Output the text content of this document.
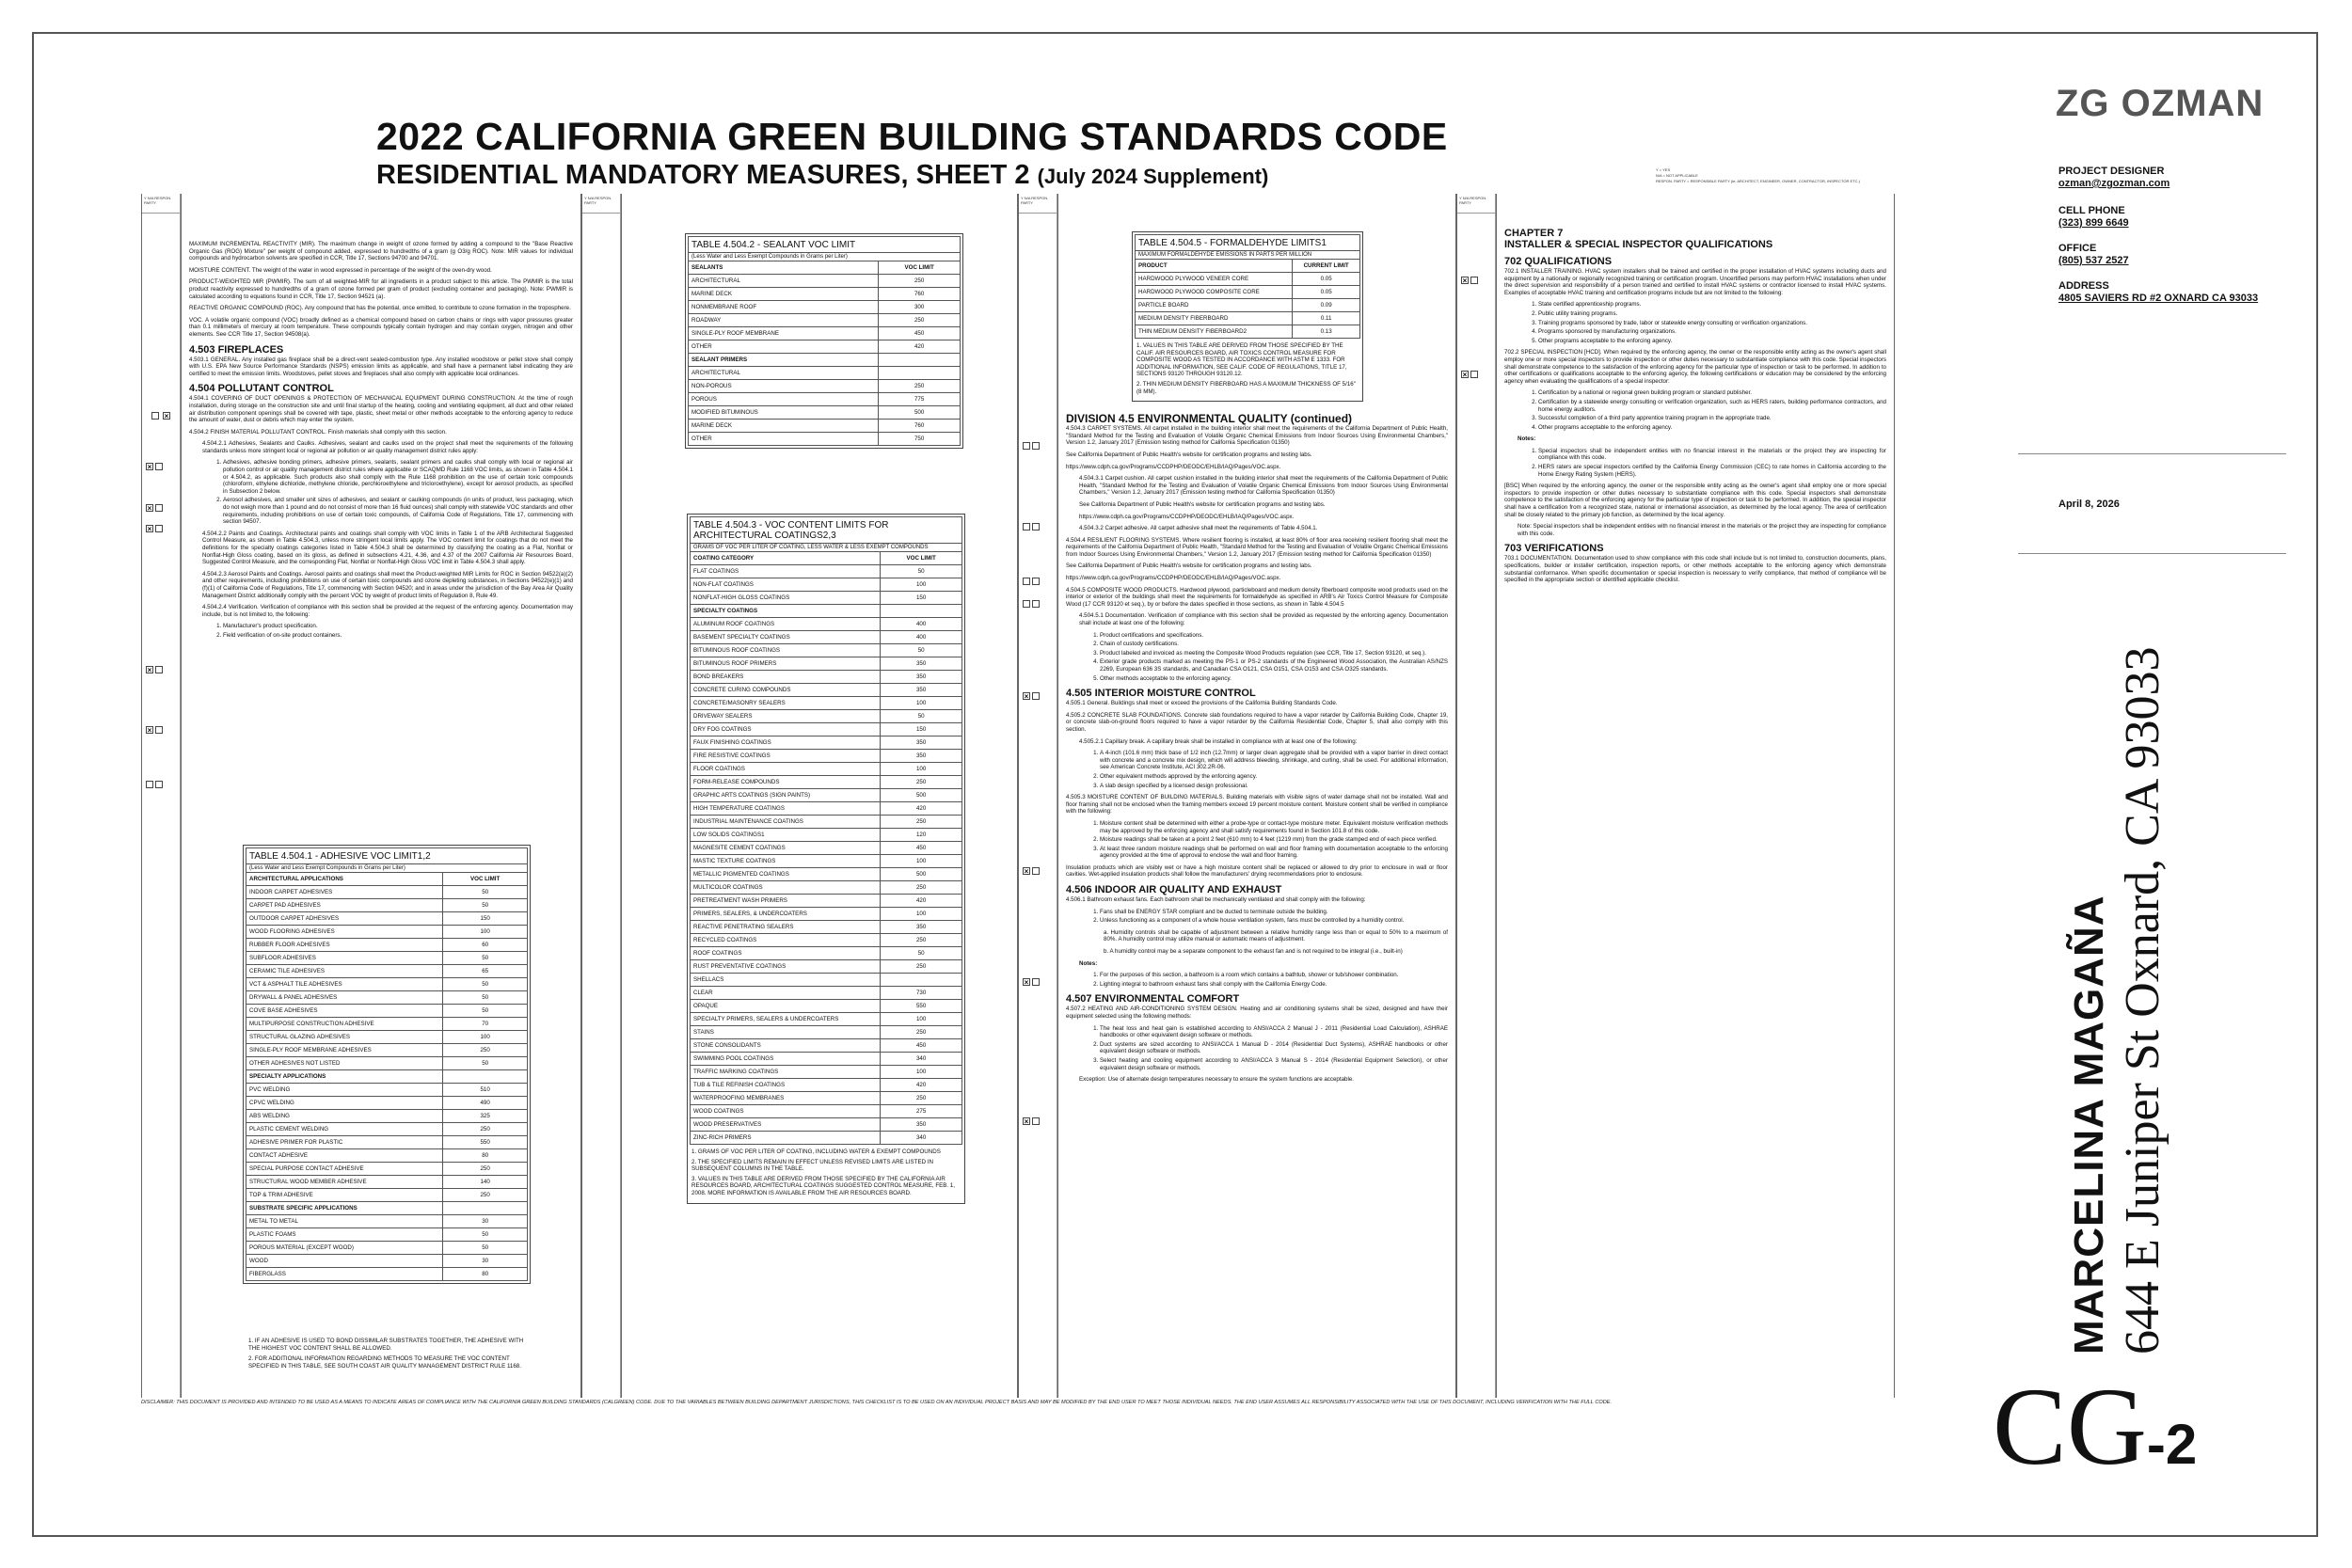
2022 CALIFORNIA GREEN BUILDING STANDARDS CODE
RESIDENTIAL MANDATORY MEASURES, SHEET 2 (July 2024 Supplement)	Y = YES
N/A = NOT APPLICABLE
RESPON. PARTY = RESPONSIBLE PARTY (ie: ARCHITECT, ENGINEER, OWNER, CONTRACTOR, INSPECTOR ETC.)
Y N/A RESPON. PARTY
×
×
×
×
×
×
Y N/A RESPON. PARTY
Y N/A RESPON. PARTY
×
×
×
×
Y N/A RESPON. PARTY
×
×

MAXIMUM INCREMENTAL REACTIVITY (MIR). The maximum change in weight of ozone formed by adding a compound to the "Base Reactive Organic Gas (ROG) Mixture" per weight of compound added, expressed to hundredths of a gram (g O3/g ROC). Note: MIR values for individual compounds and hydrocarbon solvents are specified in CCR, Title 17, Sections 94700 and 94701.

MOISTURE CONTENT. The weight of the water in wood expressed in percentage of the weight of the oven-dry wood.

PRODUCT-WEIGHTED MIR (PWMIR). The sum of all weighted-MIR for all ingredients in a product subject to this article. The PWMIR is the total product reactivity expressed to hundredths of a gram of ozone formed per gram of product (excluding container and packaging). Note: PWMIR is calculated according to equations found in CCR, Title 17, Section 94521 (a).

REACTIVE ORGANIC COMPOUND (ROC). Any compound that has the potential, once emitted, to contribute to ozone formation in the troposphere.

VOC. A volatile organic compound (VOC) broadly defined as a chemical compound based on carbon chains or rings with vapor pressures greater than 0.1 millimeters of mercury at room temperature. These compounds typically contain hydrogen and may contain oxygen, nitrogen and other elements. See CCR Title 17, Section 94508(a).

4.503 FIREPLACES

4.503.1 GENERAL. Any installed gas fireplace shall be a direct-vent sealed-combustion type. Any installed woodstove or pellet stove shall comply with U.S. EPA New Source Performance Standards (NSPS) emission limits as applicable, and shall have a permanent label indicating they are certified to meet the emission limits. Woodstoves, pellet stoves and fireplaces shall also comply with applicable local ordinances.

4.504 POLLUTANT CONTROL

4.504.1 COVERING OF DUCT OPENINGS & PROTECTION OF MECHANICAL EQUIPMENT DURING CONSTRUCTION. At the time of rough installation, during storage on the construction site and until final startup of the heating, cooling and ventilating equipment, all duct and other related air distribution component openings shall be covered with tape, plastic, sheet metal or other methods acceptable to the enforcing agency to reduce the amount of water, dust or debris which may enter the system.

4.504.2 FINISH MATERIAL POLLUTANT CONTROL. Finish materials shall comply with this section.

4.504.2.1 Adhesives, Sealants and Caulks. Adhesives, sealant and caulks used on the project shall meet the requirements of the following standards unless more stringent local or regional air pollution or air quality management district rules apply:

1. Adhesives, adhesive bonding primers, adhesive primers, sealants, sealant primers and caulks shall comply with local or regional air pollution control or air quality management district rules where applicable or SCAQMD Rule 1168 VOC limits, as shown in Table 4.504.1 or 4.504.2, as applicable. Such products also shall comply with the Rule 1168 prohibition on the use of certain toxic compounds (chloroform, ethylene dichloride, methylene chloride, perchloroethylene and tricloroethylene), except for aerosol products, as specified in Subsection 2 below.
2. Aerosol adhesives, and smaller unit sizes of adhesives, and sealant or caulking compounds (in units of product, less packaging, which do not weigh more than 1 pound and do not consist of more than 16 fluid ounces) shall comply with statewide VOC standards and other requirements, including prohibitions on use of certain toxic compounds, of California Code of Regulations, Title 17, commencing with section 94507.

4.504.2.2 Paints and Coatings. Architectural paints and coatings shall comply with VOC limits in Table 1 of the ARB Architectural Suggested Control Measure, as shown in Table 4.504.3, unless more stringent local limits apply. The VOC content limit for coatings that do not meet the definitions for the specialty coatings categories listed in Table 4.504.3 shall be determined by classifying the coating as a Flat, Nonflat or Nonflat-High Gloss coating, based on its gloss, as defined in subsections 4.21, 4.36, and 4.37 of the 2007 California Air Resources Board, Suggested Control Measure, and the corresponding Flat, Nonflat or Nonflat-High Gloss VOC limit in Table 4.504.3 shall apply.

4.504.2.3 Aerosol Paints and Coatings. Aerosol paints and coatings shall meet the Product-weighted MIR Limits for ROC in Section 94522(a)(2) and other requirements, including prohibitions on use of certain toxic compounds and ozone depleting substances, in Sections 94522(e)(1) and (f)(1) of California Code of Regulations, Title 17, commencing with Section 94520; and in areas under the jurisdiction of the Bay Area Air Quality Management District additionally comply with the percent VOC by weight of product limits of Regulation 8, Rule 49.

4.504.2.4 Verification. Verification of compliance with this section shall be provided at the request of the enforcing agency. Documentation may include, but is not limited to, the following:

1. Manufacturer's product specification.
2. Field verification of on-site product containers.
TABLE 4.504.1 - ADHESIVE VOC LIMIT1,2
(Less Water and Less Exempt Compounds in Grams per Liter)
ARCHITECTURAL APPLICATIONS	VOC LIMIT
INDOOR CARPET ADHESIVES	50
CARPET PAD ADHESIVES	50
OUTDOOR CARPET ADHESIVES	150
WOOD FLOORING ADHESIVES	100
RUBBER FLOOR ADHESIVES	60
SUBFLOOR ADHESIVES	50
CERAMIC TILE ADHESIVES	65
VCT & ASPHALT TILE ADHESIVES	50
DRYWALL & PANEL ADHESIVES	50
COVE BASE ADHESIVES	50
MULTIPURPOSE CONSTRUCTION ADHESIVE	70
STRUCTURAL GLAZING ADHESIVES	100
SINGLE-PLY ROOF MEMBRANE ADHESIVES	250
OTHER ADHESIVES NOT LISTED	50
SPECIALTY APPLICATIONS	
PVC WELDING	510
CPVC WELDING	490
ABS WELDING	325
PLASTIC CEMENT WELDING	250
ADHESIVE PRIMER FOR PLASTIC	550
CONTACT ADHESIVE	80
SPECIAL PURPOSE CONTACT ADHESIVE	250
STRUCTURAL WOOD MEMBER ADHESIVE	140
TOP & TRIM ADHESIVE	250
SUBSTRATE SPECIFIC APPLICATIONS	
METAL TO METAL	30
PLASTIC FOAMS	50
POROUS MATERIAL (EXCEPT WOOD)	50
WOOD	30
FIBERGLASS	80
1. IF AN ADHESIVE IS USED TO BOND DISSIMILAR SUBSTRATES TOGETHER, THE ADHESIVE WITH THE HIGHEST VOC CONTENT SHALL BE ALLOWED.
2. FOR ADDITIONAL INFORMATION REGARDING METHODS TO MEASURE THE VOC CONTENT SPECIFIED IN THIS TABLE, SEE SOUTH COAST AIR QUALITY MANAGEMENT DISTRICT RULE 1168.
TABLE 4.504.2 - SEALANT VOC LIMIT
(Less Water and Less Exempt Compounds in Grams per Liter)
SEALANTS	VOC LIMIT
ARCHITECTURAL	250
MARINE DECK	760
NONMEMBRANE ROOF	300
ROADWAY	250
SINGLE-PLY ROOF MEMBRANE	450
OTHER	420
SEALANT PRIMERS	
ARCHITECTURAL	
NON-POROUS	250
POROUS	775
MODIFIED BITUMINOUS	500
MARINE DECK	760
OTHER	750
TABLE 4.504.3 - VOC CONTENT LIMITS FOR ARCHITECTURAL COATINGS2,3
GRAMS OF VOC PER LITER OF COATING, LESS WATER & LESS EXEMPT COMPOUNDS
COATING CATEGORY	VOC LIMIT
FLAT COATINGS	50
NON-FLAT COATINGS	100
NONFLAT-HIGH GLOSS COATINGS	150
SPECIALTY COATINGS	
ALUMINUM ROOF COATINGS	400
BASEMENT SPECIALTY COATINGS	400
BITUMINOUS ROOF COATINGS	50
BITUMINOUS ROOF PRIMERS	350
BOND BREAKERS	350
CONCRETE CURING COMPOUNDS	350
CONCRETE/MASONRY SEALERS	100
DRIVEWAY SEALERS	50
DRY FOG COATINGS	150
FAUX FINISHING COATINGS	350
FIRE RESISTIVE COATINGS	350
FLOOR COATINGS	100
FORM-RELEASE COMPOUNDS	250
GRAPHIC ARTS COATINGS (SIGN PAINTS)	500
HIGH TEMPERATURE COATINGS	420
INDUSTRIAL MAINTENANCE COATINGS	250
LOW SOLIDS COATINGS1	120
MAGNESITE CEMENT COATINGS	450
MASTIC TEXTURE COATINGS	100
METALLIC PIGMENTED COATINGS	500
MULTICOLOR COATINGS	250
PRETREATMENT WASH PRIMERS	420
PRIMERS, SEALERS, & UNDERCOATERS	100
REACTIVE PENETRATING SEALERS	350
RECYCLED COATINGS	250
ROOF COATINGS	50
RUST PREVENTATIVE COATINGS	250
SHELLACS	
CLEAR	730
OPAQUE	550
SPECIALTY PRIMERS, SEALERS & UNDERCOATERS	100
STAINS	250
STONE CONSOLIDANTS	450
SWIMMING POOL COATINGS	340
TRAFFIC MARKING COATINGS	100
TUB & TILE REFINISH COATINGS	420
WATERPROOFING MEMBRANES	250
WOOD COATINGS	275
WOOD PRESERVATIVES	350
ZINC-RICH PRIMERS	340
1. GRAMS OF VOC PER LITER OF COATING, INCLUDING WATER & EXEMPT COMPOUNDS
2. THE SPECIFIED LIMITS REMAIN IN EFFECT UNLESS REVISED LIMITS ARE LISTED IN SUBSEQUENT COLUMNS IN THE TABLE.
3. VALUES IN THIS TABLE ARE DERIVED FROM THOSE SPECIFIED BY THE CALIFORNIA AIR RESOURCES BOARD, ARCHITECTURAL COATINGS SUGGESTED CONTROL MEASURE, FEB. 1, 2008. MORE INFORMATION IS AVAILABLE FROM THE AIR RESOURCES BOARD.
TABLE 4.504.5 - FORMALDEHYDE LIMITS1
MAXIMUM FORMALDEHYDE EMISSIONS IN PARTS PER MILLION
PRODUCT	CURRENT LIMIT
HARDWOOD PLYWOOD VENEER CORE	0.05
HARDWOOD PLYWOOD COMPOSITE CORE	0.05
PARTICLE BOARD	0.09
MEDIUM DENSITY FIBERBOARD	0.11
THIN MEDIUM DENSITY FIBERBOARD2	0.13
1. VALUES IN THIS TABLE ARE DERIVED FROM THOSE SPECIFIED BY THE CALIF. AIR RESOURCES BOARD, AIR TOXICS CONTROL MEASURE FOR COMPOSITE WOOD AS TESTED IN ACCORDANCE WITH ASTM E 1333. FOR ADDITIONAL INFORMATION, SEE CALIF. CODE OF REGULATIONS, TITLE 17, SECTIONS 93120 THROUGH 93120.12.
2. THIN MEDIUM DENSITY FIBERBOARD HAS A MAXIMUM THICKNESS OF 5/16" (8 MM).
DIVISION 4.5 ENVIRONMENTAL QUALITY (continued)

4.504.3 CARPET SYSTEMS. All carpet installed in the building interior shall meet the requirements of the California Department of Public Health, "Standard Method for the Testing and Evaluation of Volatile Organic Chemical Emissions from Indoor Sources Using Environmental Chambers," Version 1.2, January 2017 (Emission testing method for California Specification 01350)

See California Department of Public Health's website for certification programs and testing labs.

https://www.cdph.ca.gov/Programs/CCDPHP/DEODC/EHLB/IAQ/Pages/VOC.aspx.

4.504.3.1 Carpet cushion. All carpet cushion installed in the building interior shall meet the requirements of the California Department of Public Health, "Standard Method for the Testing and Evaluation of Volatile Organic Chemical Emissions from Indoor Sources Using Environmental Chambers," Version 1.2, January 2017 (Emission testing method for California Specification 01350)

See California Department of Public Health's website for certification programs and testing labs.

https://www.cdph.ca.gov/Programs/CCDPHP/DEODC/EHLB/IAQ/Pages/VOC.aspx.

4.504.3.2 Carpet adhesive. All carpet adhesive shall meet the requirements of Table 4.504.1.

4.504.4 RESILIENT FLOORING SYSTEMS. Where resilient flooring is installed, at least 80% of floor area receiving resilient flooring shall meet the requirements of the California Department of Public Health, "Standard Method for the Testing and Evaluation of Volatile Organic Chemical Emissions from Indoor Sources Using Environmental Chambers," Version 1.2, January 2017 (Emission testing method for California Specification 01350)

See California Department of Public Health's website for certification programs and testing labs.

https://www.cdph.ca.gov/Programs/CCDPHP/DEODC/EHLB/IAQ/Pages/VOC.aspx.

4.504.5 COMPOSITE WOOD PRODUCTS. Hardwood plywood, particleboard and medium density fiberboard composite wood products used on the interior or exterior of the buildings shall meet the requirements for formaldehyde as specified in ARB's Air Toxics Control Measure for Composite Wood (17 CCR 93120 et seq.), by or before the dates specified in those sections, as shown in Table 4.504.5

4.504.5.1 Documentation. Verification of compliance with this section shall be provided as requested by the enforcing agency. Documentation shall include at least one of the following:

1. Product certifications and specifications.
2. Chain of custody certifications.
3. Product labeled and invoiced as meeting the Composite Wood Products regulation (see CCR, Title 17, Section 93120, et seq.).
4. Exterior grade products marked as meeting the PS-1 or PS-2 standards of the Engineered Wood Association, the Australian AS/NZS 2269, European 636 3S standards, and Canadian CSA O121, CSA O151, CSA O153 and CSA O325 standards.
5. Other methods acceptable to the enforcing agency.
4.505 INTERIOR MOISTURE CONTROL

4.505.1 General. Buildings shall meet or exceed the provisions of the California Building Standards Code.

4.505.2 CONCRETE SLAB FOUNDATIONS. Concrete slab foundations required to have a vapor retarder by California Building Code, Chapter 19, or concrete slab-on-ground floors required to have a vapor retarder by the California Residential Code, Chapter 5, shall also comply with this section.

4.505.2.1 Capillary break. A capillary break shall be installed in compliance with at least one of the following:

1. A 4-inch (101.6 mm) thick base of 1/2 inch (12.7mm) or larger clean aggregate shall be provided with a vapor barrier in direct contact with concrete and a concrete mix design, which will address bleeding, shrinkage, and curling, shall be used. For additional information, see American Concrete Institute, ACI 302.2R-06.
2. Other equivalent methods approved by the enforcing agency.
3. A slab design specified by a licensed design professional.

4.505.3 MOISTURE CONTENT OF BUILDING MATERIALS. Building materials with visible signs of water damage shall not be installed. Wall and floor framing shall not be enclosed when the framing members exceed 19 percent moisture content. Moisture content shall be verified in compliance with the following:

1. Moisture content shall be determined with either a probe-type or contact-type moisture meter. Equivalent moisture verification methods may be approved by the enforcing agency and shall satisfy requirements found in Section 101.8 of this code.
2. Moisture readings shall be taken at a point 2 feet (610 mm) to 4 feet (1219 mm) from the grade stamped end of each piece verified.
3. At least three random moisture readings shall be performed on wall and floor framing with documentation acceptable to the enforcing agency provided at the time of approval to enclose the wall and floor framing.

Insulation products which are visibly wet or have a high moisture content shall be replaced or allowed to dry prior to enclosure in wall or floor cavities. Wet-applied insulation products shall follow the manufacturers' drying recommendations prior to enclosure.

4.506 INDOOR AIR QUALITY AND EXHAUST

4.506.1 Bathroom exhaust fans. Each bathroom shall be mechanically ventilated and shall comply with the following:

1. Fans shall be ENERGY STAR compliant and be ducted to terminate outside the building.
2. Unless functioning as a component of a whole house ventilation system, fans must be controlled by a humidity control.

a. Humidity controls shall be capable of adjustment between a relative humidity range less than or equal to 50% to a maximum of 80%. A humidity control may utilize manual or automatic means of adjustment.

b. A humidity control may be a separate component to the exhaust fan and is not required to be integral (i.e., built-in)

Notes:

1. For the purposes of this section, a bathroom is a room which contains a bathtub, shower or tub/shower combination.
2. Lighting integral to bathroom exhaust fans shall comply with the California Energy Code.
4.507 ENVIRONMENTAL COMFORT

4.507.2 HEATING AND AIR-CONDITIONING SYSTEM DESIGN. Heating and air conditioning systems shall be sized, designed and have their equipment selected using the following methods:

1. The heat loss and heat gain is established according to ANSI/ACCA 2 Manual J - 2011 (Residential Load Calculation), ASHRAE handbooks or other equivalent design software or methods.
2. Duct systems are sized according to ANSI/ACCA 1 Manual D - 2014 (Residential Duct Systems), ASHRAE handbooks or other equivalent design software or methods.
3. Select heating and cooling equipment according to ANSI/ACCA 3 Manual S - 2014 (Residential Equipment Selection), or other equivalent design software or methods.

Exception: Use of alternate design temperatures necessary to ensure the system functions are acceptable.

CHAPTER 7
INSTALLER & SPECIAL INSPECTOR QUALIFICATIONS
702 QUALIFICATIONS

702.1 INSTALLER TRAINING. HVAC system installers shall be trained and certified in the proper installation of HVAC systems including ducts and equipment by a nationally or regionally recognized training or certification program. Uncertified persons may perform HVAC installations when under the direct supervision and responsibility of a person trained and certified to install HVAC systems or contractor licensed to install HVAC systems. Examples of acceptable HVAC training and certification programs include but are not limited to the following:

1. State certified apprenticeship programs.
2. Public utility training programs.
3. Training programs sponsored by trade, labor or statewide energy consulting or verification organizations.
4. Programs sponsored by manufacturing organizations.
5. Other programs acceptable to the enforcing agency.

702.2 SPECIAL INSPECTION [HCD]. When required by the enforcing agency, the owner or the responsible entity acting as the owner's agent shall employ one or more special inspectors to provide inspection or other duties necessary to substantiate compliance with this code. Special inspectors shall demonstrate competence to the satisfaction of the enforcing agency for the particular type of inspection or task to be performed. In addition to other certifications or qualifications acceptable to the enforcing agency, the following certifications or education may be considered by the enforcing agency when evaluating the qualifications of a special inspector:

1. Certification by a national or regional green building program or standard publisher.
2. Certification by a statewide energy consulting or verification organization, such as HERS raters, building performance contractors, and home energy auditors.
3. Successful completion of a third party apprentice training program in the appropriate trade.
4. Other programs acceptable to the enforcing agency.

Notes:

1. Special inspectors shall be independent entities with no financial interest in the materials or the project they are inspecting for compliance with this code.
2. HERS raters are special inspectors certified by the California Energy Commission (CEC) to rate homes in California according to the Home Energy Rating System (HERS).

[BSC] When required by the enforcing agency, the owner or the responsible entity acting as the owner's agent shall employ one or more special inspectors to provide inspection or other duties necessary to substantiate compliance with this code. Special inspectors shall demonstrate competence to the satisfaction of the enforcing agency for the particular type of inspection or task to be performed. In addition, the special inspector shall have a certification from a recognized state, national or international association, as determined by the local agency. The area of certification shall be closely related to the primary job function, as determined by the local agency.

Note: Special inspectors shall be independent entities with no financial interest in the materials or the project they are inspecting for compliance with this code.

703 VERIFICATIONS

703.1 DOCUMENTATION. Documentation used to show compliance with this code shall include but is not limited to, construction documents, plans, specifications, builder or installer certification, inspection reports, or other methods acceptable to the enforcing agency which demonstrate substantial conformance. When specific documentation or special inspection is necessary to verify compliance, that method of compliance will be specified in the appropriate section or identified applicable checklist.

DISCLAIMER: THIS DOCUMENT IS PROVIDED AND INTENDED TO BE USED AS A MEANS TO INDICATE AREAS OF COMPLIANCE WITH THE CALIFORNIA GREEN BUILDING STANDARDS (CALGREEN) CODE. DUE TO THE VARIABLES BETWEEN BUILDING DEPARTMENT JURISDICTIONS, THIS CHECKLIST IS TO BE USED ON AN INDIVIDUAL PROJECT BASIS AND MAY BE MODIFIED BY THE END USER TO MEET THOSE INDIVIDUAL NEEDS. THE END USER ASSUMES ALL RESPONSIBILITY ASSOCIATED WITH THE USE OF THIS DOCUMENT, INCLUDING VERIFICATION WITH THE FULL CODE.
ZG OZMAN
PROJECT DESIGNER
ozman@zgozman.com
CELL PHONE
(323) 899 6649
OFFICE
(805) 537 2527
ADDRESS
4805 SAVIERS RD #2 OXNARD CA 93033
April 8, 2026
MARCELINA MAGAÑA 644 E Juniper St Oxnard, CA 93033
CG-2
